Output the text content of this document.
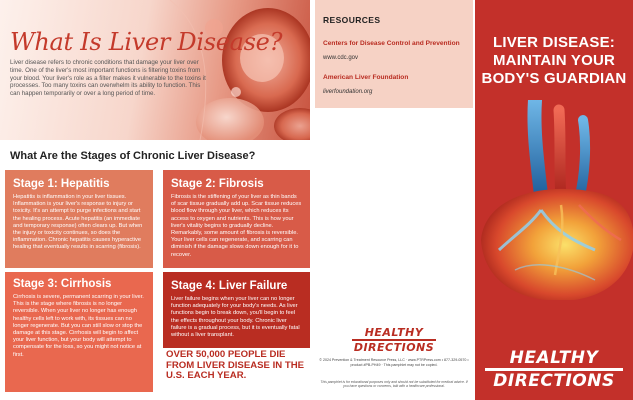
What Is Liver Disease?
Liver disease refers to chronic conditions that damage your liver over time. One of the liver's most important functions is filtering toxins from your blood. Your liver's role as a filter makes it vulnerable to the toxins it processes. Too many toxins can overwhelm its ability to function. This can happen temporarily or over a long period of time.
What Are the Stages of Chronic Liver Disease?
Stage 1: Hepatitis

Hepatitis is inflammation in your liver tissues. Inflammation is your liver's response to injury or toxicity. It's an attempt to purge infections and start the healing process. Acute hepatitis (an immediate and temporary response) often clears up. But when the injury or toxicity continues, so does the inflammation. Chronic hepatitis causes hyperactive healing that eventually results in scarring (fibrosis).

Stage 2: Fibrosis

Fibrosis is the stiffening of your liver as thin bands of scar tissue gradually add up. Scar tissue reduces blood flow through your liver, which reduces its access to oxygen and nutrients. This is how your liver's vitality begins to gradually decline. Remarkably, some amount of fibrosis is reversible. Your liver cells can regenerate, and scarring can diminish if the damage slows down enough for it to recover.

Stage 3: Cirrhosis

Cirrhosis is severe, permanent scarring in your liver. This is the stage where fibrosis is no longer reversible. When your liver no longer has enough healthy cells left to work with, its tissues can no longer regenerate. But you can still slow or stop the damage at this stage. Cirrhosis will begin to affect your liver function, but your body will attempt to compensate for the loss, so you might not notice at first.

Stage 4: Liver Failure

Liver failure begins when your liver can no longer function adequately for your body's needs. As liver functions begin to break down, you'll begin to feel the effects throughout your body. Chronic liver failure is a gradual process, but it is eventually fatal without a liver transplant.

OVER 50,000 PEOPLE DIE FROM LIVER DISEASE IN THE U.S. EACH YEAR.
RESOURCES
Centers for Disease Control and Prevention
www.cdc.gov
American Liver Foundation
liverfoundation.org
HEALTHY
DIRECTIONS
© 2024 Prevention & Treatment Resource Press, LLC · www.PTRPress.com • 877-329-0570 • product #PB-PH49 · This pamphlet may not be copied.
This pamphlet is for educational purposes only and should not be substituted for medical advice. If you have questions or concerns, talk with a healthcare professional.
LIVER DISEASE:
MAINTAIN YOUR
BODY'S GUARDIAN
HEALTHY
DIRECTIONS
